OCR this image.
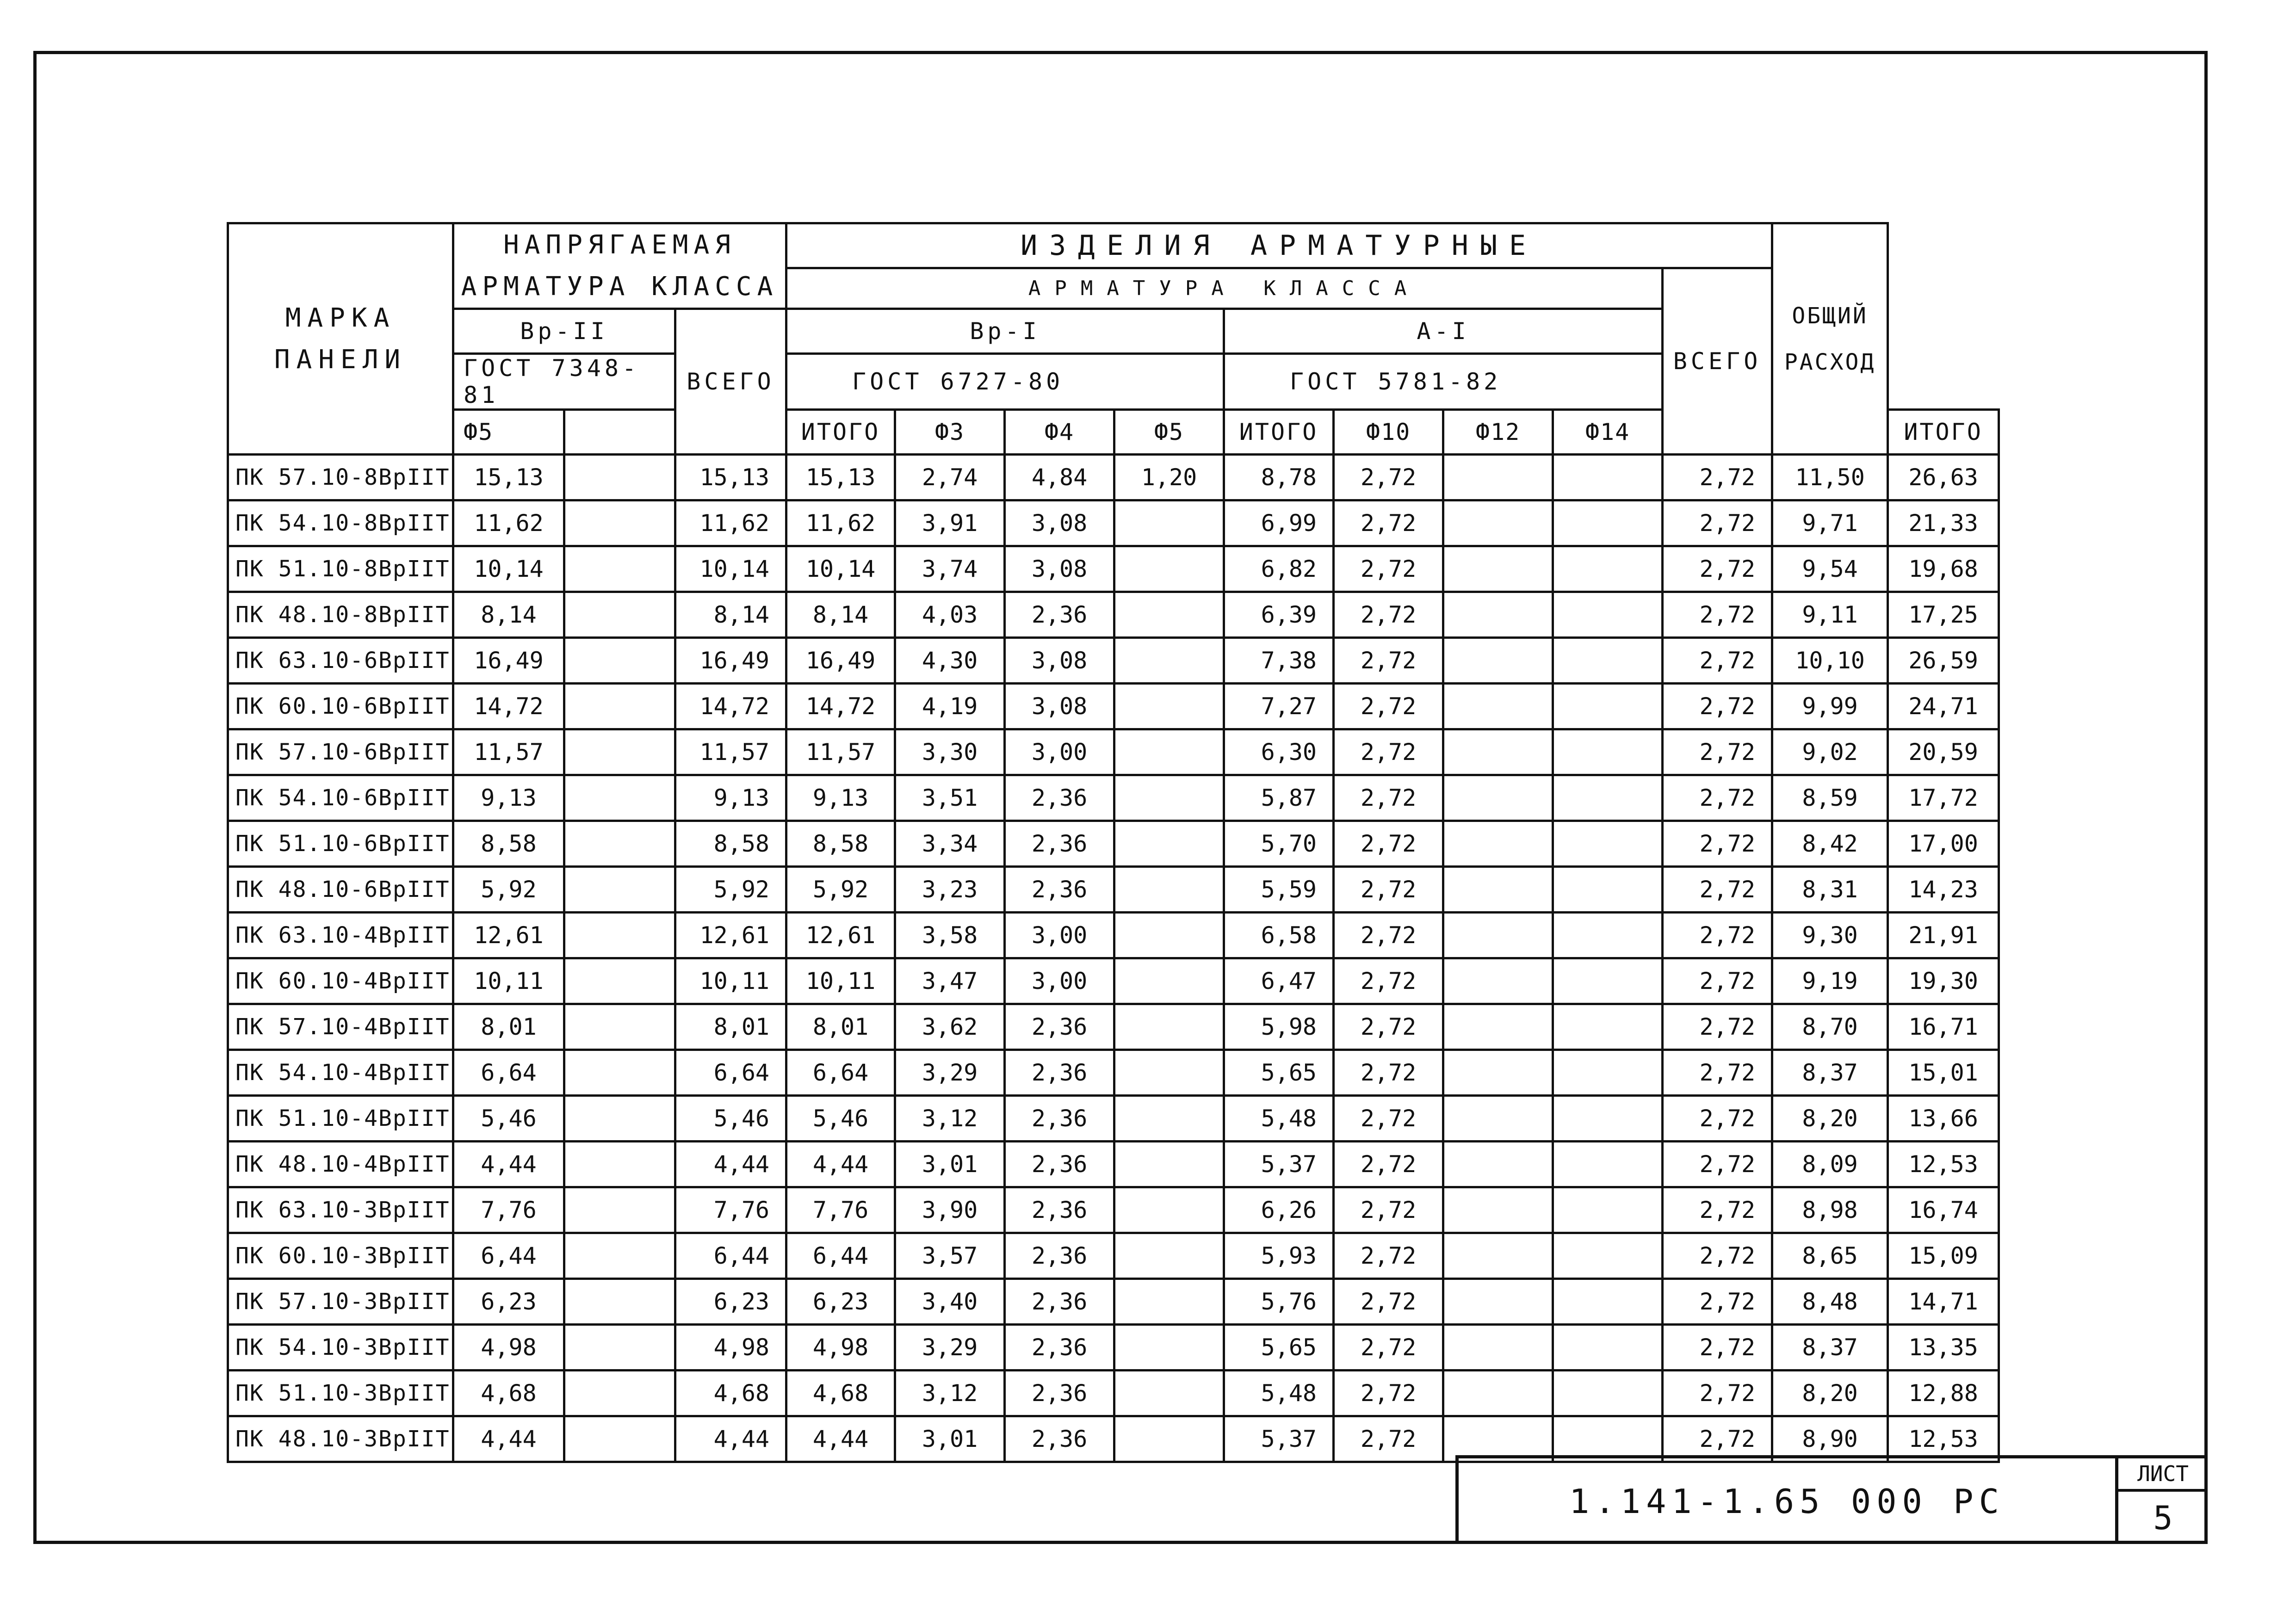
МАРКА ПАНЕЛИ	НАПРЯГАЕМАЯ АРМАТУРА КЛАССА			ИЗДЕЛИЯ АРМАТУРНЫЕ									ОБЩИЙ РАСХОД	
				АРМАТУРА КЛАССА								ВСЕГО		
	Вр-II		ВСЕГО	Вр-I				А-I						
	ГОСТ 7348-81			ГОСТ 6727-80				ГОСТ 5781-82						
	Ф5			ИТОГО	Ф3	Ф4	Ф5	ИТОГО	Ф10	Ф12	Ф14			ИТОГО
ПК 57.10-8ВрIIТ	15,13		15,13	15,13	2,74	4,84	1,20	8,78	2,72			2,72	11,50	26,63
ПК 54.10-8ВрIIТ	11,62		11,62	11,62	3,91	3,08		6,99	2,72			2,72	9,71	21,33
ПК 51.10-8ВрIIТ	10,14		10,14	10,14	3,74	3,08		6,82	2,72			2,72	9,54	19,68
ПК 48.10-8ВрIIТ	8,14		8,14	8,14	4,03	2,36		6,39	2,72			2,72	9,11	17,25
ПК 63.10-6ВрIIТ	16,49		16,49	16,49	4,30	3,08		7,38	2,72			2,72	10,10	26,59
ПК 60.10-6ВрIIТ	14,72		14,72	14,72	4,19	3,08		7,27	2,72			2,72	9,99	24,71
ПК 57.10-6ВрIIТ	11,57		11,57	11,57	3,30	3,00		6,30	2,72			2,72	9,02	20,59
ПК 54.10-6ВрIIТ	9,13		9,13	9,13	3,51	2,36		5,87	2,72			2,72	8,59	17,72
ПК 51.10-6ВрIIТ	8,58		8,58	8,58	3,34	2,36		5,70	2,72			2,72	8,42	17,00
ПК 48.10-6ВрIIТ	5,92		5,92	5,92	3,23	2,36		5,59	2,72			2,72	8,31	14,23
ПК 63.10-4ВрIIТ	12,61		12,61	12,61	3,58	3,00		6,58	2,72			2,72	9,30	21,91
ПК 60.10-4ВрIIТ	10,11		10,11	10,11	3,47	3,00		6,47	2,72			2,72	9,19	19,30
ПК 57.10-4ВрIIТ	8,01		8,01	8,01	3,62	2,36		5,98	2,72			2,72	8,70	16,71
ПК 54.10-4ВрIIТ	6,64		6,64	6,64	3,29	2,36		5,65	2,72			2,72	8,37	15,01
ПК 51.10-4ВрIIТ	5,46		5,46	5,46	3,12	2,36		5,48	2,72			2,72	8,20	13,66
ПК 48.10-4ВрIIТ	4,44		4,44	4,44	3,01	2,36		5,37	2,72			2,72	8,09	12,53
ПК 63.10-3ВрIIТ	7,76		7,76	7,76	3,90	2,36		6,26	2,72			2,72	8,98	16,74
ПК 60.10-3ВрIIТ	6,44		6,44	6,44	3,57	2,36		5,93	2,72			2,72	8,65	15,09
ПК 57.10-3ВрIIТ	6,23		6,23	6,23	3,40	2,36		5,76	2,72			2,72	8,48	14,71
ПК 54.10-3ВрIIТ	4,98		4,98	4,98	3,29	2,36		5,65	2,72			2,72	8,37	13,35
ПК 51.10-3ВрIIТ	4,68		4,68	4,68	3,12	2,36		5,48	2,72			2,72	8,20	12,88
ПК 48.10-3ВрIIТ	4,44		4,44	4,44	3,01	2,36		5,37	2,72			2,72	8,90	12,53
1.141-1.65 000 РС
ЛИСТ
5
